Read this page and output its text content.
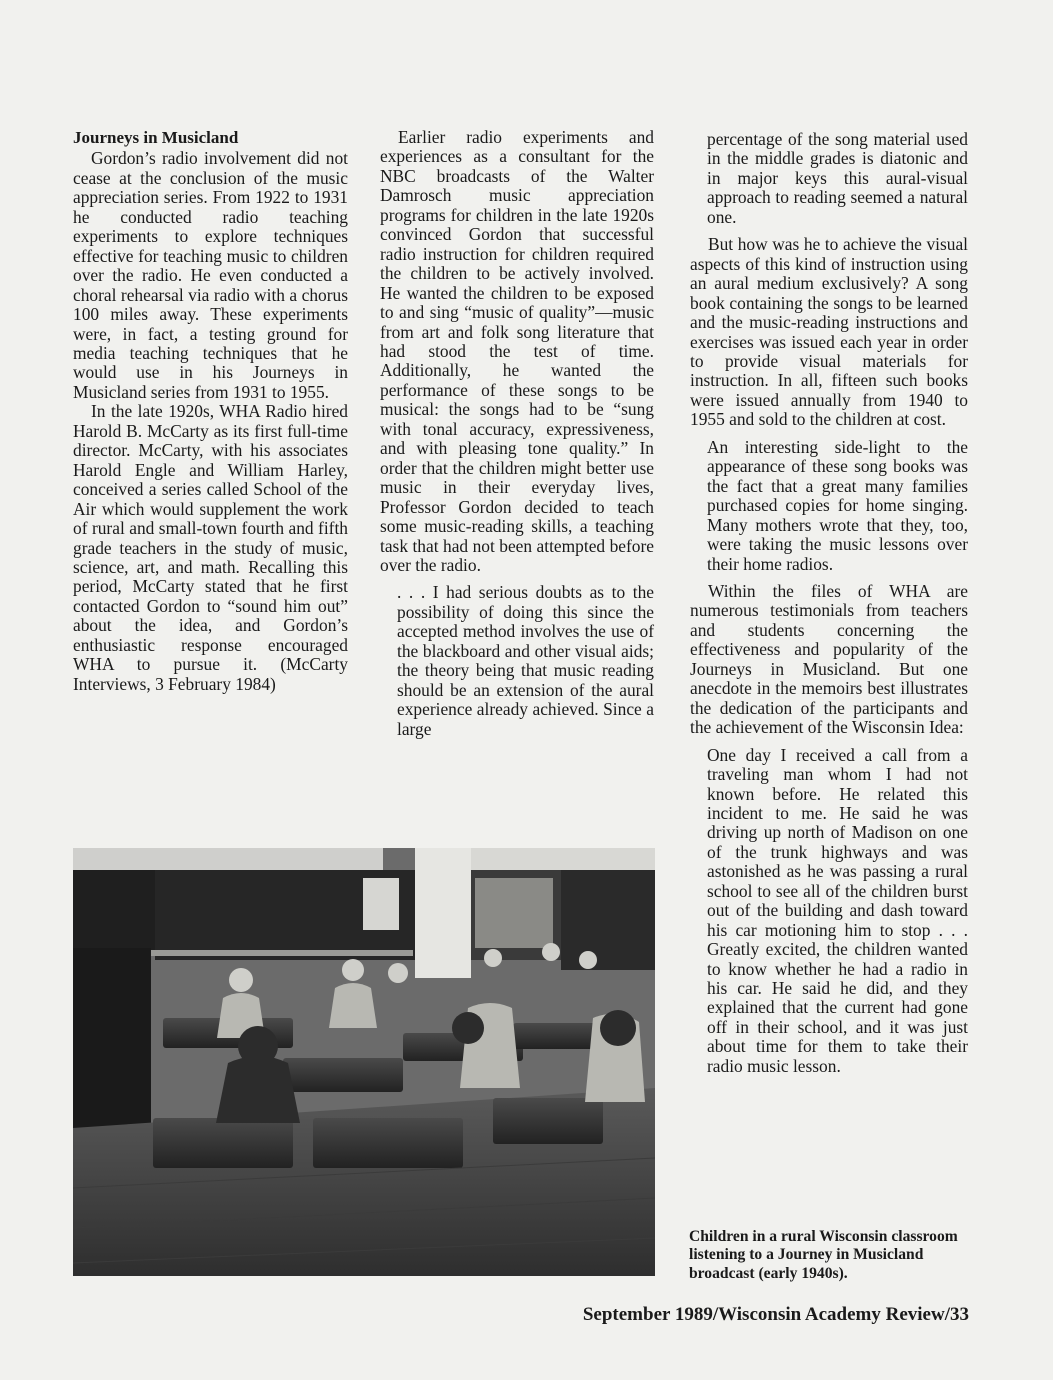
Journeys in Musicland

Gordon’s radio involvement did not cease at the conclusion of the music appreciation series. From 1922 to 1931 he conducted radio teaching experiments to explore techniques effective for teaching music to children over the radio. He even conducted a choral rehearsal via radio with a chorus 100 miles away. These experiments were, in fact, a testing ground for media teaching techniques that he would use in his Journeys in Musicland series from 1931 to 1955.

In the late 1920s, WHA Radio hired Harold B. McCarty as its first full-time director. McCarty, with his associates Harold Engle and William Harley, conceived a series called School of the Air which would supplement the work of rural and small-town fourth and fifth grade teachers in the study of music, science, art, and math. Recalling this period, McCarty stated that he first contacted Gordon to “sound him out” about the idea, and Gordon’s enthusiastic response encouraged WHA to pursue it. (McCarty Interviews, 3 February 1984)

Earlier radio experiments and experiences as a consultant for the NBC broadcasts of the Walter Damrosch music appreciation programs for children in the late 1920s convinced Gordon that successful radio instruction for children required the children to be actively involved. He wanted the children to be exposed to and sing “music of quality”—music from art and folk song literature that had stood the test of time. Additionally, he wanted the performance of these songs to be musical: the songs had to be “sung with tonal accuracy, expressiveness, and with pleasing tone quality.” In order that the children might better use music in their everyday lives, Professor Gordon decided to teach some music-reading skills, a teaching task that had not been attempted before over the radio.

. . . I had serious doubts as to the possibility of doing this since the accepted method involves the use of the blackboard and other visual aids; the theory being that music reading should be an extension of the aural experience already achieved. Since a large

percentage of the song material used in the middle grades is diatonic and in major keys this aural-visual approach to reading seemed a natural one.

But how was he to achieve the visual aspects of this kind of instruction using an aural medium exclusively? A song book containing the songs to be learned and the music-reading instructions and exercises was issued each year in order to provide visual materials for instruction. In all, fifteen such books were issued annually from 1940 to 1955 and sold to the children at cost.

An interesting side-light to the appearance of these song books was the fact that a great many families purchased copies for home singing. Many mothers wrote that they, too, were taking the music lessons over their home radios.

Within the files of WHA are numerous testimonials from teachers and students concerning the effectiveness and popularity of the Journeys in Musicland. But one anecdote in the memoirs best illustrates the dedication of the participants and the achievement of the Wisconsin Idea:

One day I received a call from a traveling man whom I had not known before. He related this incident to me. He said he was driving up north of Madison on one of the trunk highways and was astonished as he was passing a rural school to see all of the children burst out of the building and dash toward his car motioning him to stop . . . Greatly excited, the children wanted to know whether he had a radio in his car. He said he did, and they explained that the current had gone off in their school, and it was just about time for them to take their radio music lesson.

Children in a rural Wisconsin classroom listening to a Journey in Musicland broadcast (early 1940s).
September 1989/Wisconsin Academy Review/33
